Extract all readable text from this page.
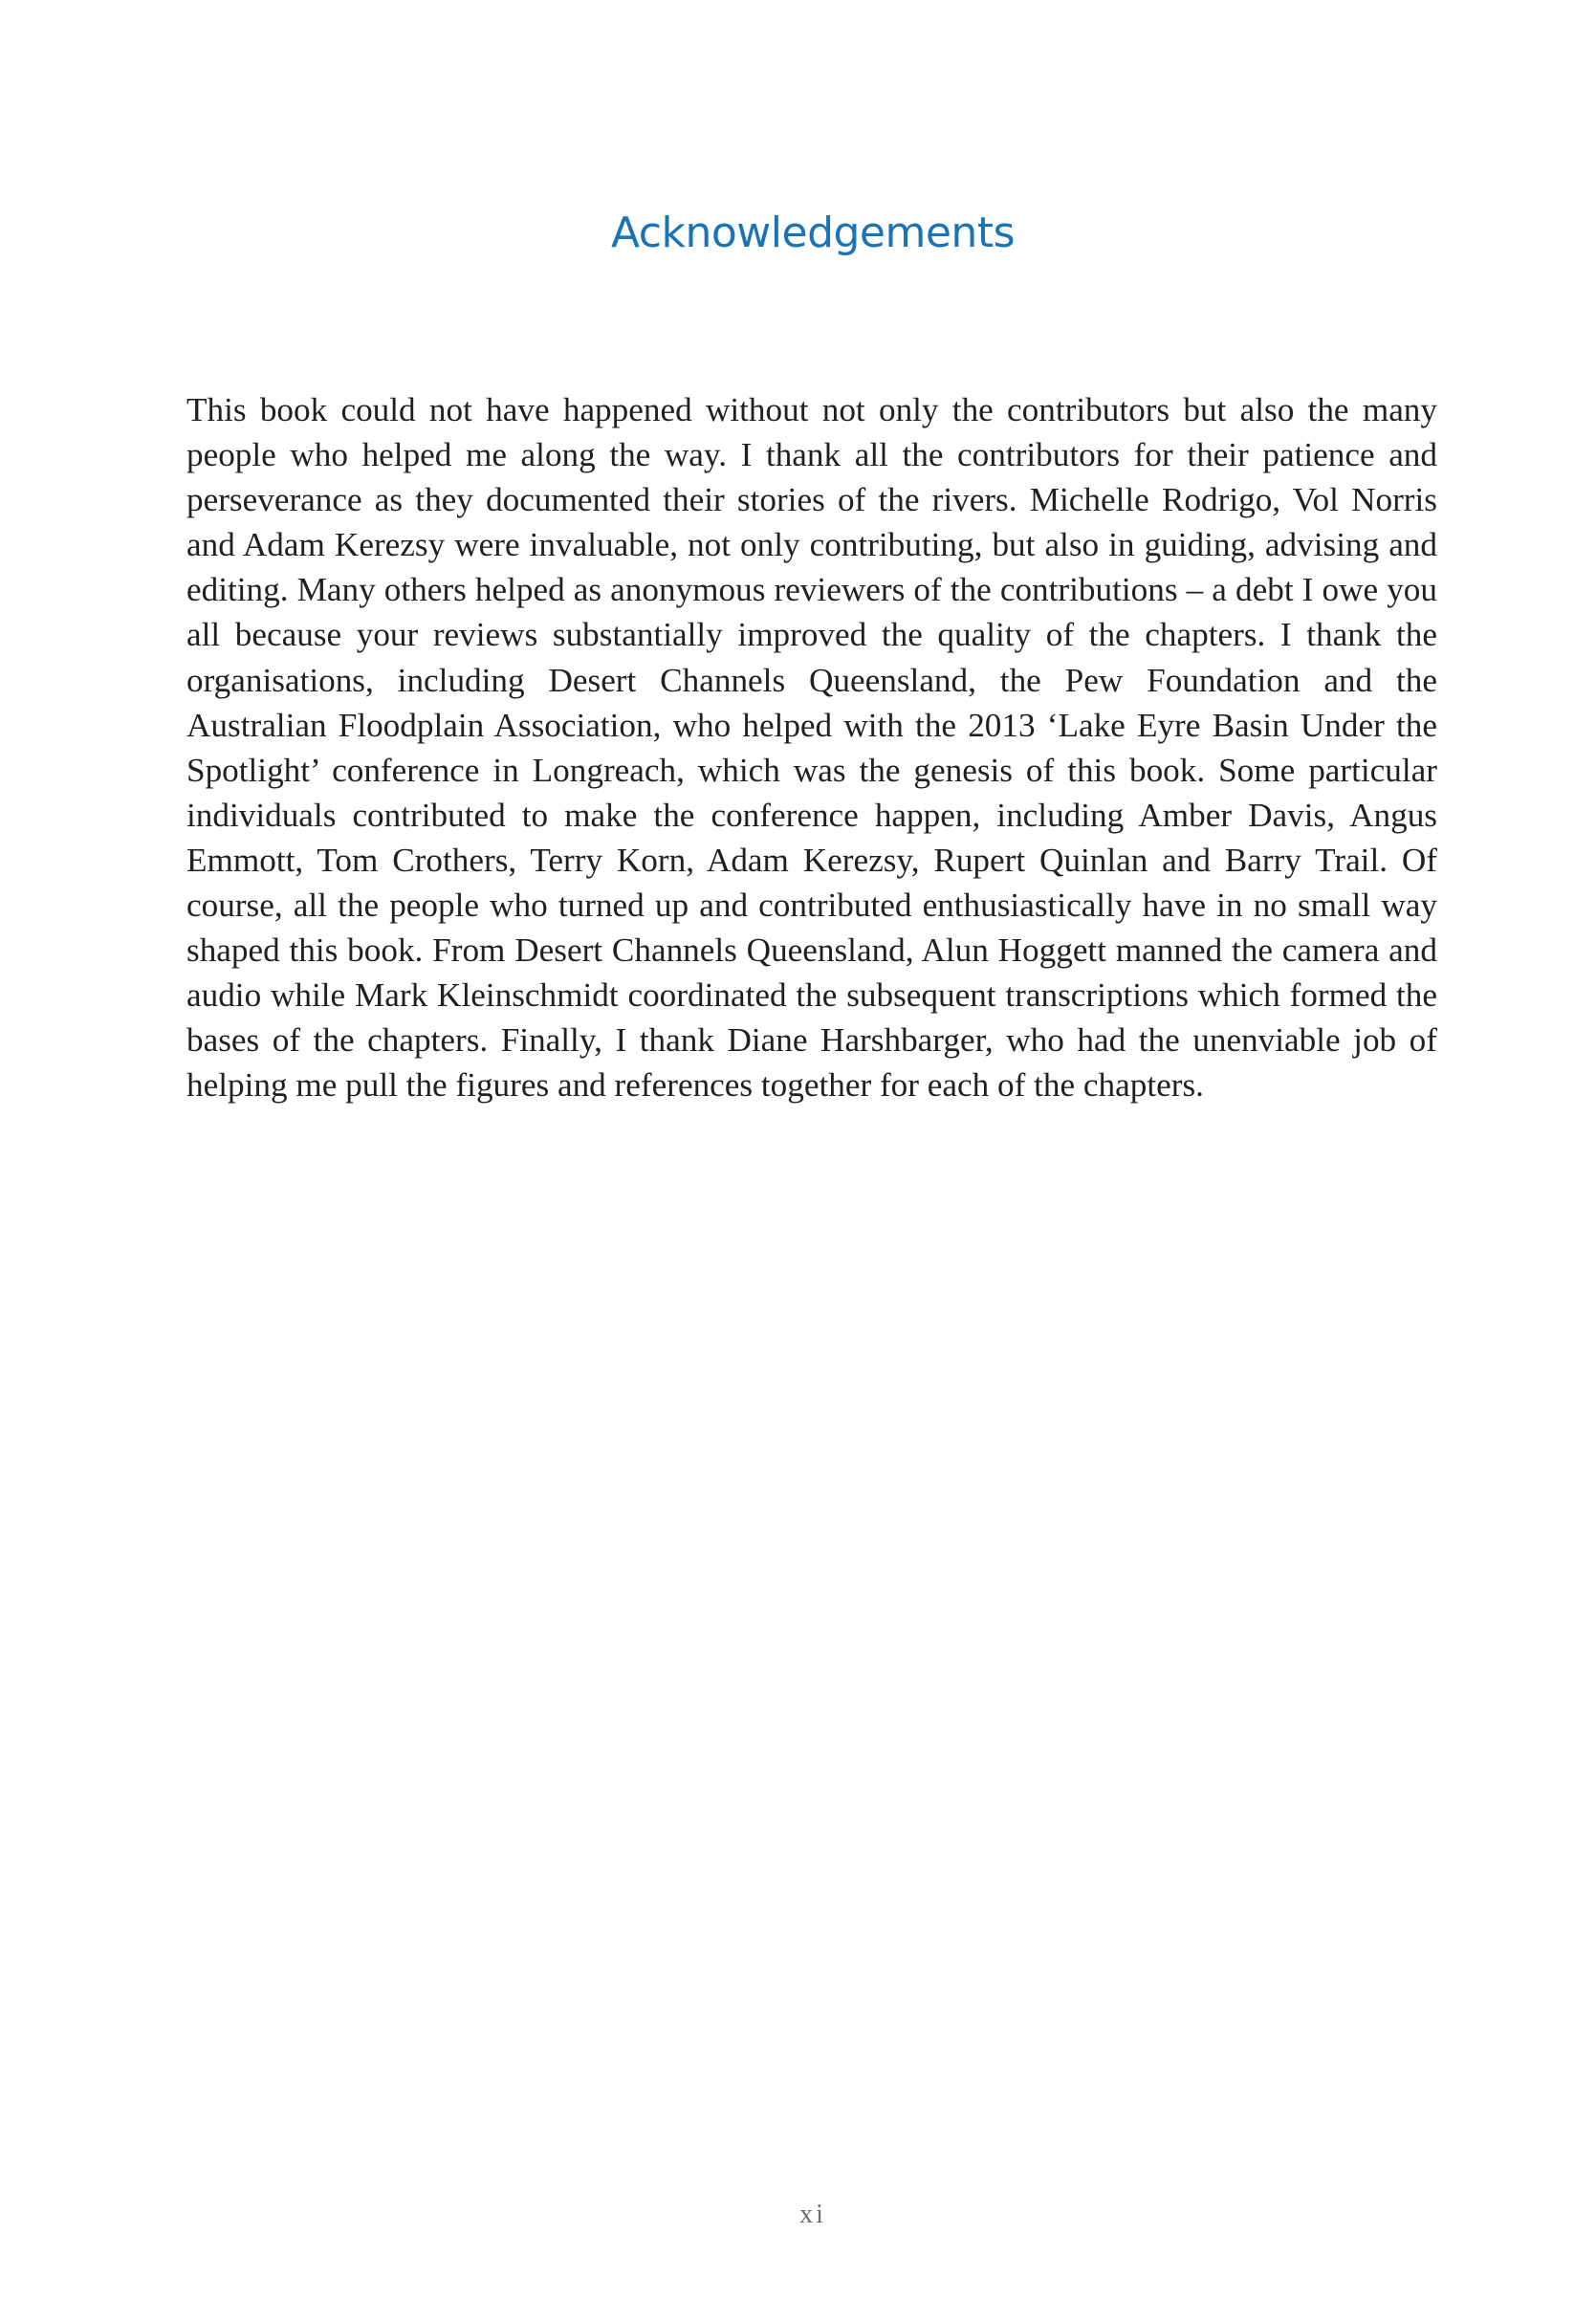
Acknowledgements

This book could not have happened without not only the contributors but also the many people who helped me along the way. I thank all the contributors for their patience and perseverance as they documented their stories of the rivers. Michelle Rodrigo, Vol Norris and Adam Kerezsy were invaluable, not only contributing, but also in guiding, advising and editing. Many others helped as anonymous reviewers of the contributions – a debt I owe you all because your reviews substantially improved the quality of the chapters. I thank the organisations, including Desert Channels Queensland, the Pew Foundation and the Australian Floodplain Association, who helped with the 2013 ‘Lake Eyre Basin Under the Spotlight’ conference in Longreach, which was the genesis of this book. Some particular individuals contributed to make the conference happen, including Amber Davis, Angus Emmott, Tom Crothers, Terry Korn, Adam Kerezsy, Rupert Quinlan and Barry Trail. Of course, all the people who turned up and contributed enthusiastically have in no small way shaped this book. From Desert Channels Queensland, Alun Hoggett manned the camera and audio while Mark Kleinschmidt coordinated the subsequent transcriptions which formed the bases of the chapters. Finally, I thank Diane Harshbarger, who had the unenviable job of helping me pull the figures and references together for each of the chapters.

xi
